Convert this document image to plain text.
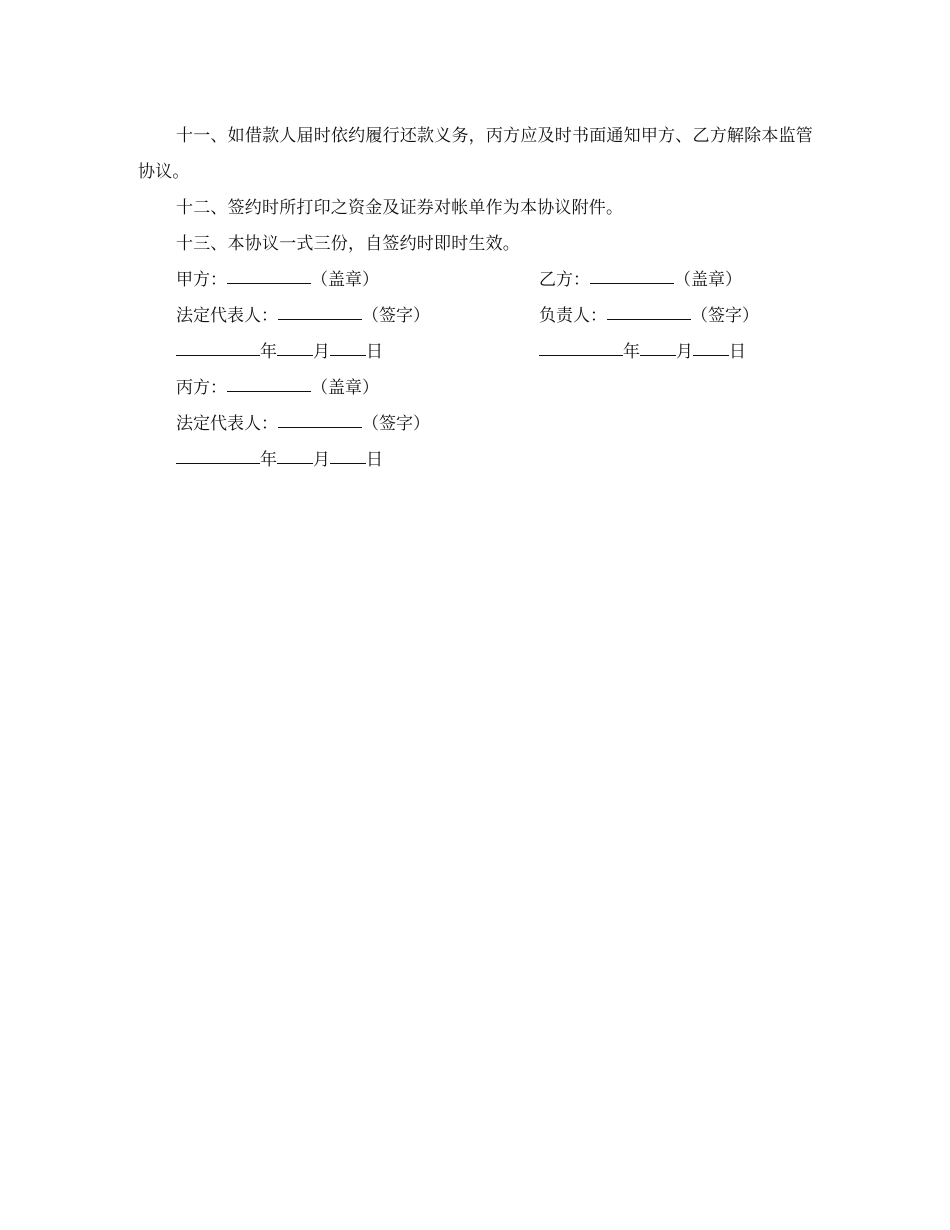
十一、如借款人届时依约履行还款义务，丙方应及时书面通知甲方、乙方解除本监管协议。

十二、签约时所打印之资金及证券对帐单作为本协议附件。

十三、本协议一式三份，自签约时即时生效。

甲方：	（盖章）	乙方：	（盖章）
法定代表人：	（签字）	负责人：	（签字）
年 月 日	年 月 日
丙方：	（盖章）
法定代表人：	（签字）
年 月 日
